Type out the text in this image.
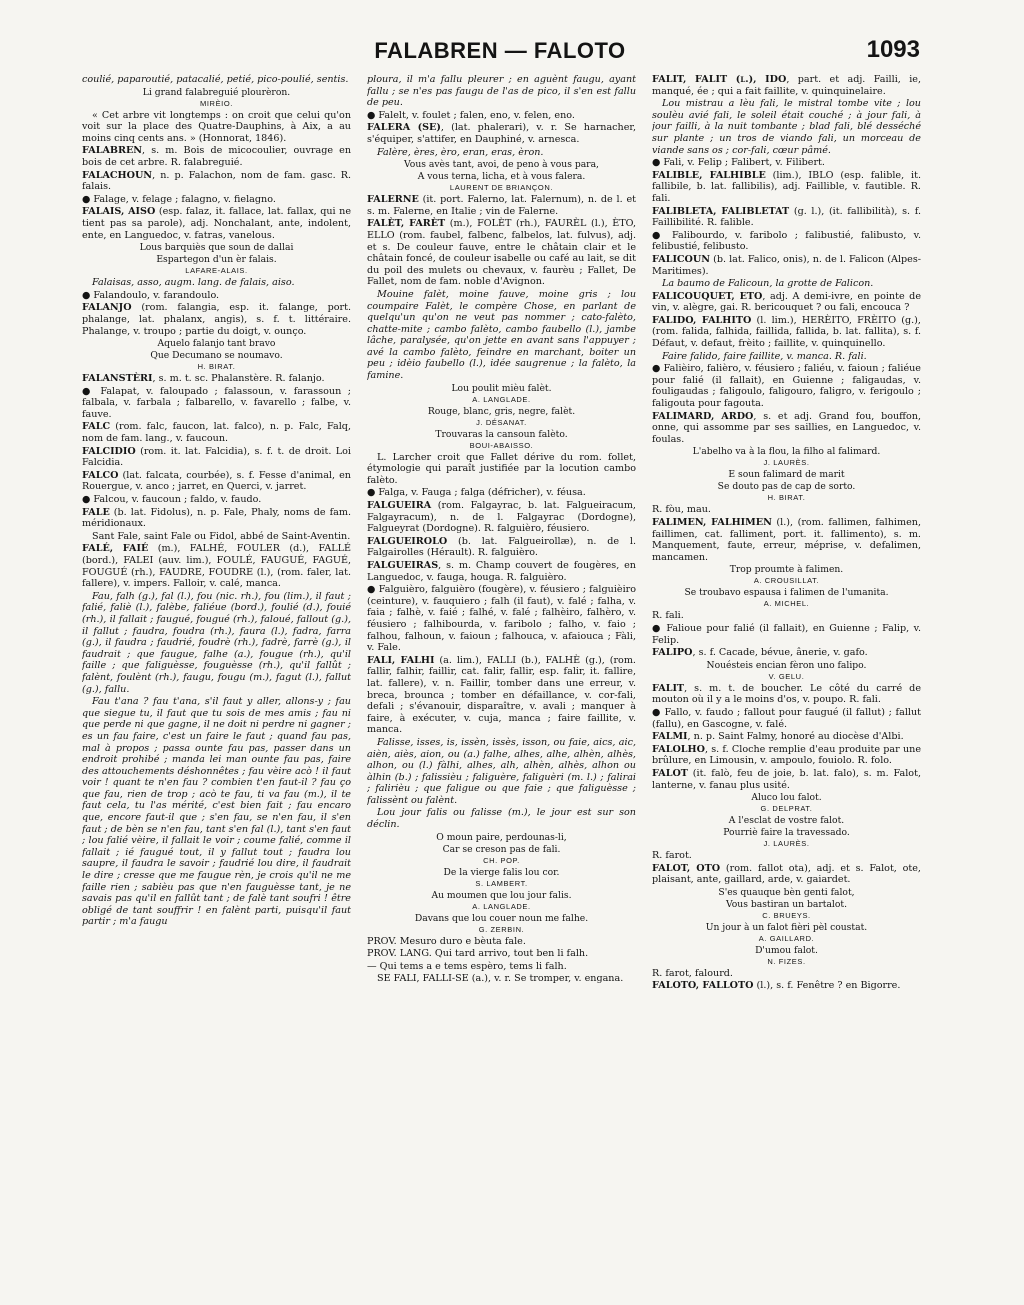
FALABREN — FALOTO	1093

coulié, paparoutié, patacalié, petié, pico-poulié, sentis.

Li grand falabreguié plourèron.

MIRÈIO.

« Cet arbre vit longtemps : on croit que celui qu'on voit sur la place des Quatre-Dauphins, à Aix, a au moins cinq cents ans. » (Honnorat, 1846).

FALABREN, s. m. Bois de micocoulier, ouvrage en bois de cet arbre. R. falabreguié.

FALACHOUN, n. p. Falachon, nom de fam. gasc. R. falais.

● Falage, v. felage ; falagno, v. fielagno.

FALAIS, AISO (esp. falaz, it. fallace, lat. fallax, qui ne tient pas sa parole), adj. Nonchalant, ante, indolent, ente, en Languedoc, v. fatras, vanelous.

Lous barquiès que soun de dallai

Espartegon d'un èr falais.

LAFARE-ALAIS.

Falaisas, asso, augm. lang. de falais, aiso.

● Falandoulo, v. farandoulo.

FALANJO (rom. falangia, esp. it. falange, port. phalange, lat. phalanx, angis), s. f. t. littéraire. Phalange, v. troupo ; partie du doigt, v. ounço.

Aquelo falanjo tant bravo

Que Decumano se noumavo.

H. BIRAT.

FALANSTÈRI, s. m. t. sc. Phalanstère. R. falanjo.

● Falapat, v. faloupado ; falassoun, v. farassoun ; falbala, v. farbala ; falbarello, v. favarello ; falbe, v. fauve.

FALC (rom. falc, faucon, lat. falco), n. p. Falc, Falq, nom de fam. lang., v. faucoun.

FALCIDIO (rom. it. lat. Falcidia), s. f. t. de droit. Loi Falcidia.

FALCO (lat. falcata, courbée), s. f. Fesse d'animal, en Rouergue, v. anco ; jarret, en Querci, v. jarret.

● Falcou, v. faucoun ; faldo, v. faudo.

FALE (b. lat. Fidolus), n. p. Fale, Phaly, noms de fam. méridionaux.

Sant Fale, saint Fale ou Fidol, abbé de Saint-Aventin.

FALÉ, FAIÉ (m.), FALHÉ, FOULER (d.), FALLÉ (bord.), FALEI (auv. lim.), FOULÉ, FAUGUÉ, FAGUÉ, FOUGUÉ (rh.), FAUDRE, FOUDRE (l.), (rom. faler, lat. fallere), v. impers. Falloir, v. calé, manca.

Fau, falh (g.), fal (l.), fou (nic. rh.), fou (lim.), il faut ; falié, faliè (l.), falèbe, faliéue (bord.), foulié (d.), fouié (rh.), il fallait ; faugué, fougué (rh.), faloué, fallout (g.), il fallut ; faudra, foudra (rh.), faura (l.), fadra, farra (g.), il faudra ; faudrié, foudrè (rh.), fadrè, farrè (g.), il faudrait ; que faugue, falhe (a.), fougue (rh.), qu'il faille ; que faliguèsse, fouguèsse (rh.), qu'il fallût ; falènt, foulènt (rh.), faugu, fougu (m.), fagut (l.), fallut (g.), fallu.

Fau t'ana ? fau t'ana, s'il faut y aller, allons-y ; fau que siegue tu, il faut que tu sois de mes amis ; fau ni que perde ni que gagne, il ne doit ni perdre ni gagner ; es un fau faire, c'est un faire le faut ; quand fau pas, mal à propos ; passa ounte fau pas, passer dans un endroit prohibé ; manda lei man ounte fau pas, faire des attouchements déshonnêtes ; fau vèire acò ! il faut voir ! quant te n'en fau ? combien t'en faut-il ? fau ço que fau, rien de trop ; acò te fau, ti va fau (m.), il te faut cela, tu l'as mérité, c'est bien fait ; fau encaro que, encore faut-il que ; s'en fau, se n'en fau, il s'en faut ; de bèn se n'en fau, tant s'en fal (l.), tant s'en faut ; lou falié vèire, il fallait le voir ; coume falié, comme il fallait ; ié faugué tout, il y fallut tout ; faudra lou saupre, il faudra le savoir ; faudrié lou dire, il faudrait le dire ; cresse que me faugue rèn, je crois qu'il ne me faille rien ; sabièu pas que n'en fauguèsse tant, je ne savais pas qu'il en fallût tant ; de falè tant soufri ! être obligé de tant souffrir ! en falènt parti, puisqu'il faut partir ; m'a faugu

ploura, il m'a fallu pleurer ; en aguènt faugu, ayant fallu ; se n'es pas faugu de l'as de pico, il s'en est fallu de peu.

● Falelt, v. foulet ; falen, eno, v. felen, eno.

FALERA (SE), (lat. phalerari), v. r. Se harnacher, s'équiper, s'attifer, en Dauphiné, v. arnesca.

Falère, ères, èro, eran, eras, èron.

Vous avès tant, avoi, de peno à vous para,

A vous terna, licha, et à vous falera.

LAURENT DE BRIANÇON.

FALERNE (it. port. Falerno, lat. Falernum), n. de l. et s. m. Falerne, en Italie ; vin de Falerne.

FALÈT, FARÈT (m.), FOLÈT (rh.), FAURÈL (l.), ÈTO, ELLO (rom. faubel, falbenc, falbelos, lat. fulvus), adj. et s. De couleur fauve, entre le châtain clair et le châtain foncé, de couleur isabelle ou café au lait, se dit du poil des mulets ou chevaux, v. faurèu ; Fallet, De Fallet, nom de fam. noble d'Avignon.

Mouine falèt, moine fauve, moine gris ; lou coumpaire Falèt, le compère Chose, en parlant de quelqu'un qu'on ne veut pas nommer ; cato-falèto, chatte-mite ; cambo falèto, cambo faubello (l.), jambe lâche, paralysée, qu'on jette en avant sans l'appuyer ; avé la cambo falèto, feindre en marchant, boiter un peu ; idèio faubello (l.), idée saugrenue ; la falèto, la famine.

Lou poulit mièu falèt.

A. LANGLADE.

Rouge, blanc, gris, negre, falèt.

J. DÉSANAT.

Trouvaras la cansoun falèto.

BOUI-ABAISSO.

L. Larcher croit que Fallet dérive du rom. follet, étymologie qui paraît justifiée par la locution cambo falèto.

● Falga, v. Fauga ; falga (défricher), v. féusa.

FALGUEIRA (rom. Falgayrac, b. lat. Falgueiracum, Falgayracum), n. de l. Falgayrac (Dordogne), Falgueyrat (Dordogne). R. falguièro, féusiero.

FALGUEIROLO (b. lat. Falgueirollæ), n. de l. Falgairolles (Hérault). R. falguièro.

FALGUEIRAS, s. m. Champ couvert de fougères, en Languedoc, v. fauga, houga. R. falguièro.

● Falguièro, falguièro (fougère), v. féusiero ; falguièiro (ceinture), v. fauquiero ; falh (il faut), v. falé ; falha, v. faia ; falhè, v. faié ; falhé, v. falé ; falhèiro, falhèro, v. féusiero ; falhibourda, v. faribolo ; falho, v. faio ; falhou, falhoun, v. faioun ; falhouca, v. afaiouca ; Fàli, v. Fale.

FALI, FALHI (a. lim.), FALLI (b.), FALHÈ (g.), (rom. fallir, falhir, faillir, cat. falir, fallir, esp. falir, it. fallire, lat. fallere), v. n. Faillir, tomber dans une erreur, v. breca, brounca ; tomber en défaillance, v. cor-fali, defali ; s'évanouir, disparaître, v. avali ; manquer à faire, à exécuter, v. cuja, manca ; faire faillite, v. manca.

Falisse, isses, is, issèn, issès, isson, ou faie, aics, aic, aièn, aiès, aion, ou (a.) falhe, alhes, alhe, alhèn, alhès, alhon, ou (l.) fàlhi, alhes, alh, alhèn, alhès, alhon ou àlhin (b.) ; falissièu ; faliguère, faliguèri (m. l.) ; falirai ; falirièu ; que faligue ou que faie ; que faliguèsse ; falissènt ou falènt.

Lou jour falis ou falisse (m.), le jour est sur son déclin.

O moun paire, perdounas-li,

Car se creson pas de fali.

CH. POP.

De la vierge falis lou cor.

S. LAMBERT.

Au moumen que lou jour falis.

A. LANGLADE.

Davans que lou couer noun me falhe.

G. ZERBIN.

PROV. Mesuro duro e bèuta fale.

PROV. LANG. Qui tard arrivo, tout ben li falh.

— Qui tems a e tems espèro, tems li falh.

SE FALI, FALLI-SE (a.), v. r. Se tromper, v. engana.

FALIT, FALIT (l.), IDO, part. et adj. Failli, ie, manqué, ée ; qui a fait faillite, v. quinquinelaire.

Lou mistrau a lèu fali, le mistral tombe vite ; lou soulèu avié fali, le soleil était couché ; à jour fali, à jour failli, à la nuit tombante ; blad fali, blé desséché sur plante ; un tros de viando fali, un morceau de viande sans os ; cor-fali, cœur pâmé.

● Fali, v. Felip ; Falibert, v. Filibert.

FALIBLE, FALHIBLE (lim.), IBLO (esp. falible, it. fallibile, b. lat. fallibilis), adj. Faillible, v. fautible. R. fali.

FALIBLETA, FALIBLETAT (g. l.), (it. fallibilità), s. f. Faillibilité. R. falible.

● Falibourdo, v. faribolo ; falibustié, falibusto, v. felibustié, felibusto.

FALICOUN (b. lat. Falico, onis), n. de l. Falicon (Alpes-Maritimes).

La baumo de Falicoun, la grotte de Falicon.

FALICOUQUET, ETO, adj. A demi-ivre, en pointe de vin, v. alègre, gai. R. bericouquet ? ou fali, encouca ?

FALIDO, FALHITO (l. lim.), HERÈITO, FRÈITO (g.), (rom. falida, falhida, faillida, fallida, b. lat. fallita), s. f. Défaut, v. defaut, frèito ; faillite, v. quinquinello.

Faire falido, faire faillite, v. manca. R. fali.

● Falièiro, falièro, v. féusiero ; faliéu, v. faioun ; faliéue pour falié (il fallait), en Guienne ; faligaudas, v. fouligaudas ; faligoulo, faligouro, faligro, v. ferigoulo ; faligouta pour fagouta.

FALIMARD, ARDO, s. et adj. Grand fou, bouffon, onne, qui assomme par ses saillies, en Languedoc, v. foulas.

L'abelho va à la flou, la filho al falimard.

J. LAURÈS.

E soun falimard de marit

Se douto pas de cap de sorto.

H. BIRAT.

R. fòu, mau.

FALIMEN, FALHIMEN (l.), (rom. fallimen, falhimen, faillimen, cat. falliment, port. it. fallimento), s. m. Manquement, faute, erreur, méprise, v. defalimen, mancamen.

Trop proumte à falimen.

A. CROUSILLAT.

Se troubavo espausa i falimen de l'umanita.

A. MICHEL.

R. fali.

● Falioue pour falié (il fallait), en Guienne ; Falip, v. Felip.

FALIPO, s. f. Cacade, bévue, ânerie, v. gafo.

Nouésteis encian fèron uno falipo.

V. GELU.

FALIT, s. m. t. de boucher. Le côté du carré de mouton où il y a le moins d'os, v. poupo. R. fali.

● Fallo, v. faudo ; fallout pour faugué (il fallut) ; fallut (fallu), en Gascogne, v. falé.

FALMI, n. p. Saint Falmy, honoré au diocèse d'Albi.

FALOLHO, s. f. Cloche remplie d'eau produite par une brûlure, en Limousin, v. ampoulo, fouiolo. R. folo.

FALOT (it. falò, feu de joie, b. lat. falo), s. m. Falot, lanterne, v. fanau plus usité.

Aluco lou falot.

G. DELPRAT.

A l'esclat de vostre falot.

Pourriè faire la travessado.

J. LAURÈS.

R. farot.

FALOT, OTO (rom. fallot ota), adj. et s. Falot, ote, plaisant, ante, gaillard, arde, v. gaiardet.

S'es quauque bèn genti falot,

Vous bastiran un bartalot.

C. BRUEYS.

Un jour à un falot fièri pèl coustat.

A. GAILLARD.

D'umou falot.

N. FIZES.

R. farot, falourd.

FALOTO, FALLOTO (l.), s. f. Fenêtre ? en Bigorre.
